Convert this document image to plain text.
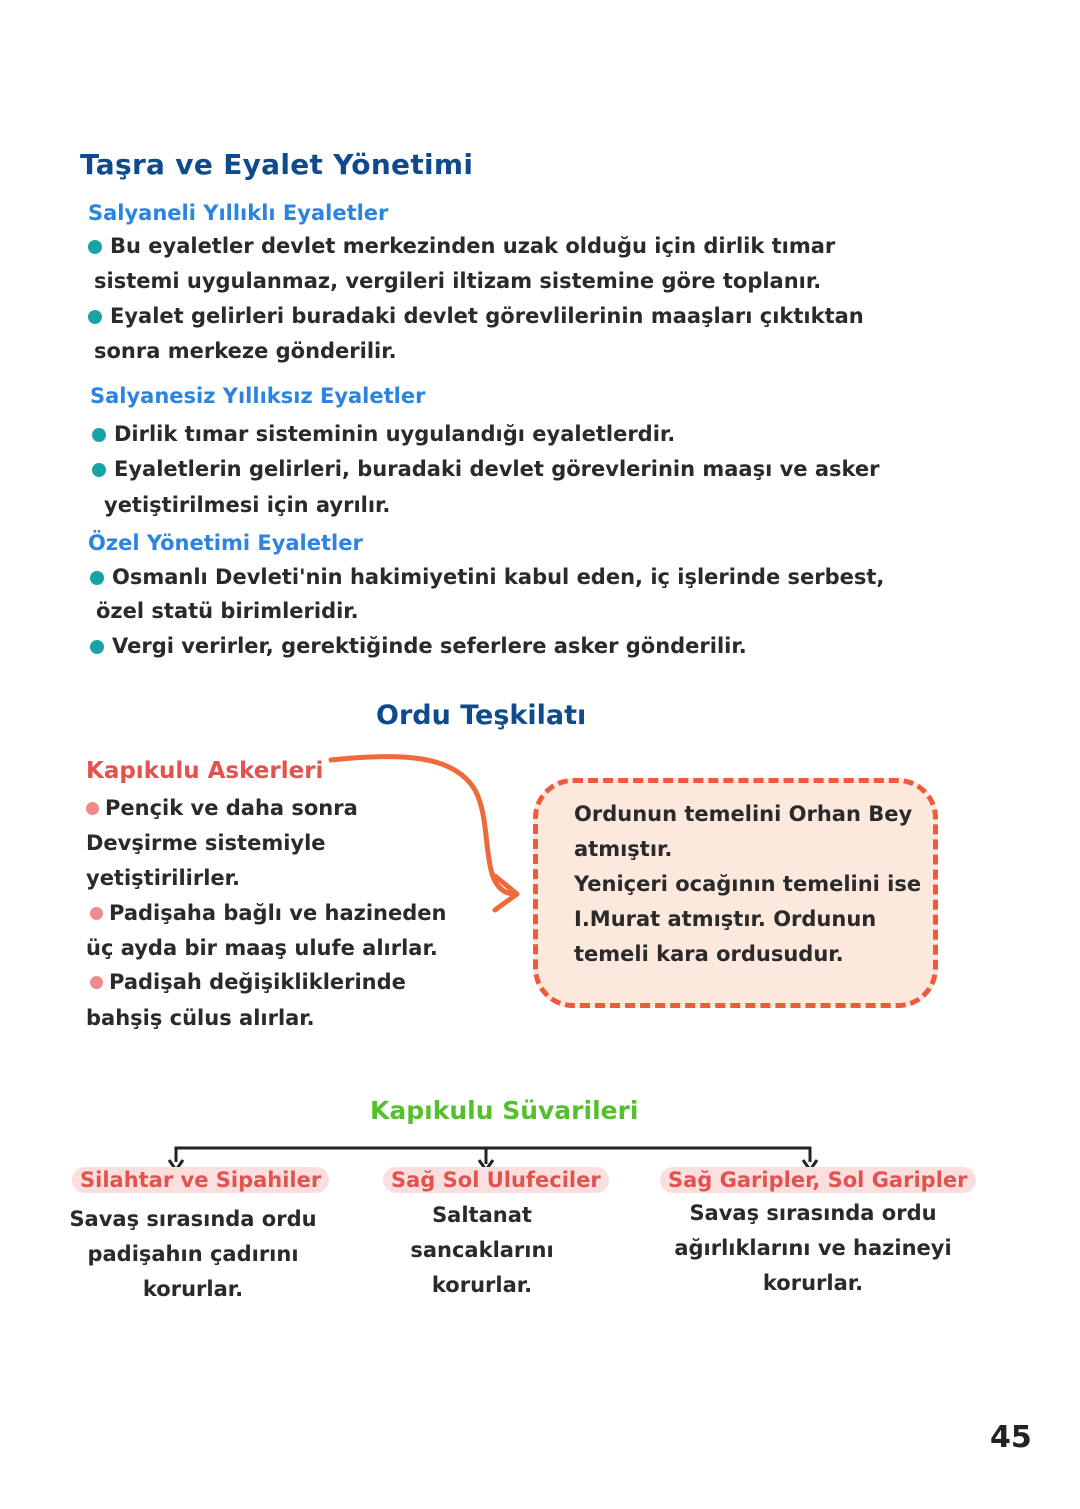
Taşra ve Eyalet Yönetimi
Salyaneli Yıllıklı Eyaletler
Bu eyaletler devlet merkezinden uzak olduğu için dirlik tımar
sistemi uygulanmaz, vergileri iltizam sistemine göre toplanır.
Eyalet gelirleri buradaki devlet görevlilerinin maaşları çıktıktan
sonra merkeze gönderilir.
Salyanesiz Yıllıksız Eyaletler
Dirlik tımar sisteminin uygulandığı eyaletlerdir.
Eyaletlerin gelirleri, buradaki devlet görevlerinin maaşı ve asker
yetiştirilmesi için ayrılır.
Özel Yönetimi Eyaletler
Osmanlı Devleti'nin hakimiyetini kabul eden, iç işlerinde serbest,
özel statü birimleridir.
Vergi verirler, gerektiğinde seferlere asker gönderilir.
Ordu Teşkilatı
Kapıkulu Askerleri
Pençik ve daha sonra
Devşirme sistemiyle
yetiştirilirler.
Padişaha bağlı ve hazineden
üç ayda bir maaş ulufe alırlar.
Padişah değişikliklerinde
bahşiş cülus alırlar.
Ordunun temelini Orhan Bey
atmıştır.
Yeniçeri ocağının temelini ise
I.Murat atmıştır. Ordunun
temeli kara ordusudur.
Kapıkulu Süvarileri
Silahtar ve Sipahiler
Savaş sırasında ordu
padişahın çadırını
korurlar.
Sağ Sol Ulufeciler
Saltanat
sancaklarını
korurlar.
Sağ Garipler, Sol Garipler
Savaş sırasında ordu
ağırlıklarını ve hazineyi
korurlar.
45
